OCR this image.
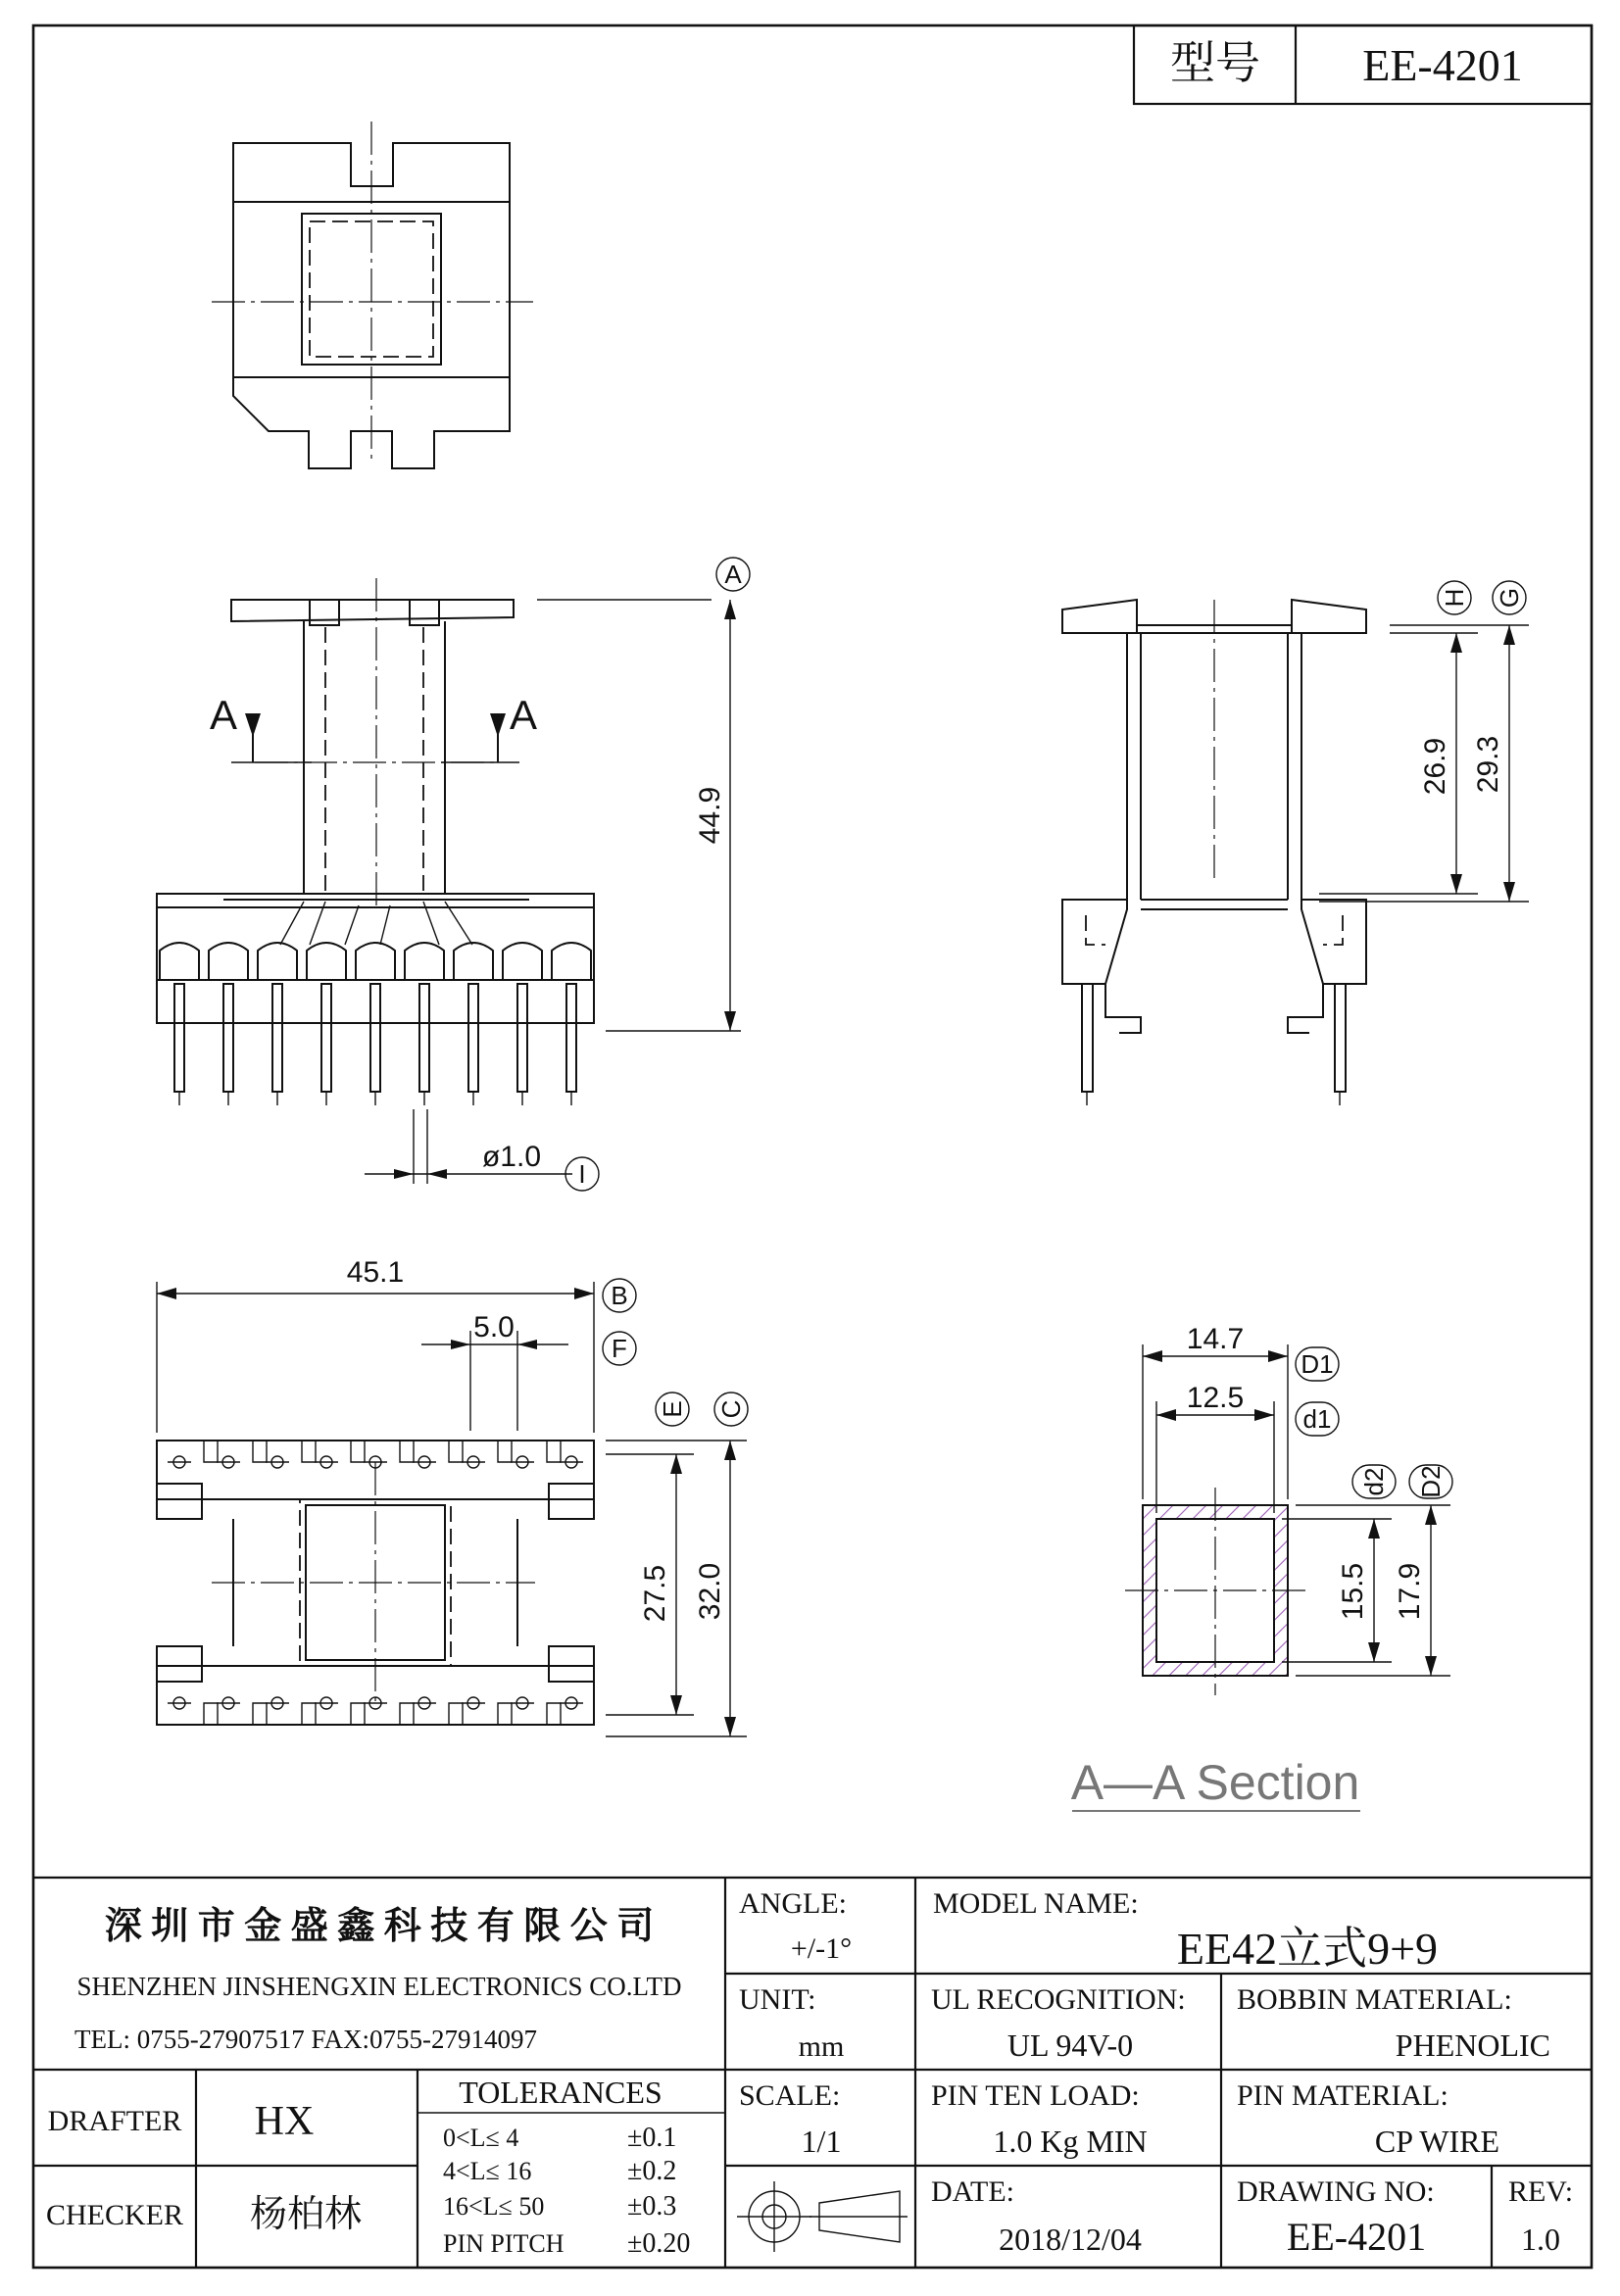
型号 EE-4201
A	A
44.9
ø1.0
26.9 29.3
45.1
5.0
27.5 32.0
14.7
12.5
15.5 17.9
A—A Section
A
B
F
E C
H G
I
D1
d1
d2 D2
深 圳 市 金 盛 鑫 科 技 有 限 公 司
SHENZHEN JINSHENGXIN ELECTRONICS CO.LTD
TEL: 0755-27907517 FAX:0755-27914097
ANGLE:
+/-1°
MODEL NAME:
EE42立式9+9
UNIT:
mm
UL RECOGNITION:
UL 94V-0
BOBBIN MATERIAL:
PHENOLIC
SCALE:
1/1
PIN TEN LOAD:
1.0 Kg MIN
PIN MATERIAL:
CP WIRE
DATE:
2018/12/04
DRAWING NO:
EE-4201
REV:
1.0
DRAFTER HX
CHECKER 杨柏林
TOLERANCES
0<L≤ 4	±0.1
4<L≤ 16	±0.2
16<L≤ 50	±0.3
PIN PITCH ±0.20
